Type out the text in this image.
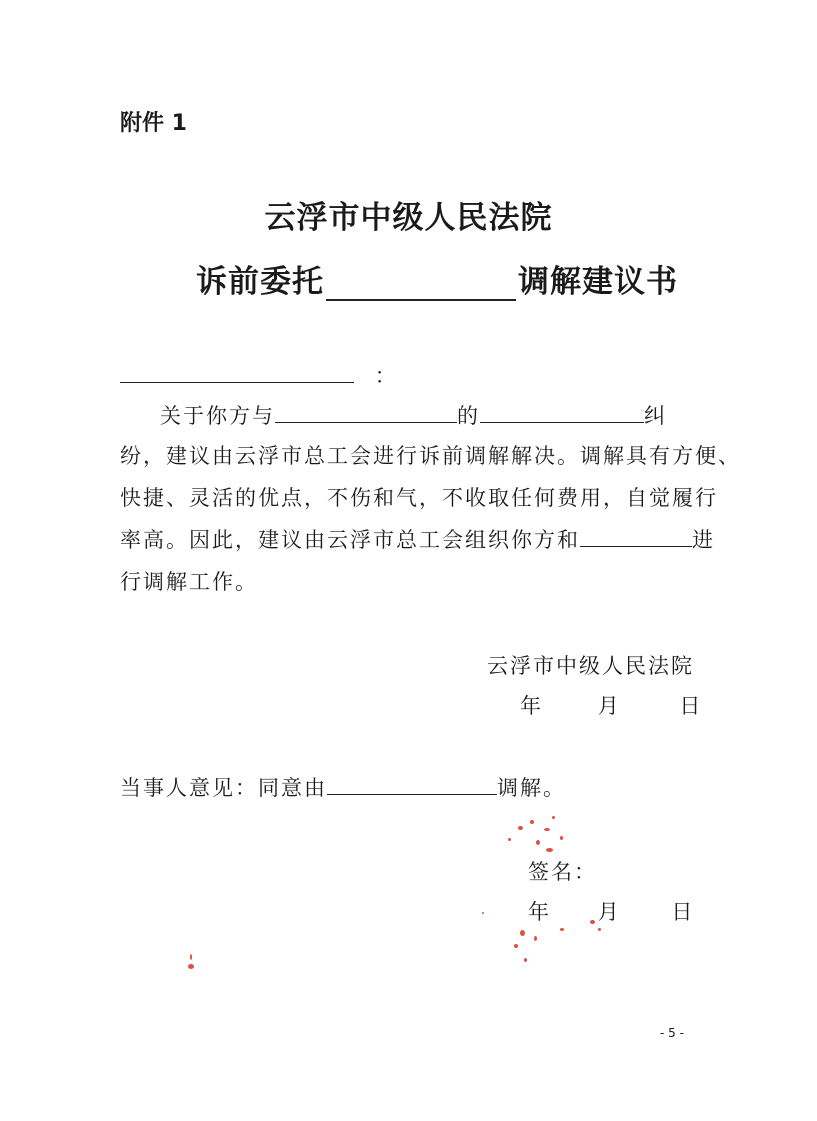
附件 1
云浮市中级人民法院
诉前委托	调解建议书
：
关于你方与	的	纠
纷，建议由云浮市总工会进行诉前调解解决。调解具有方便、
快捷、灵活的优点，不伤和气，不收取任何费用，自觉履行
率高。因此，建议由云浮市总工会组织你方和	进
行调解工作。
云浮市中级人民法院
年	月	日
当事人意见：同意由	调解。
签名：
年 月 日
- 5 -
